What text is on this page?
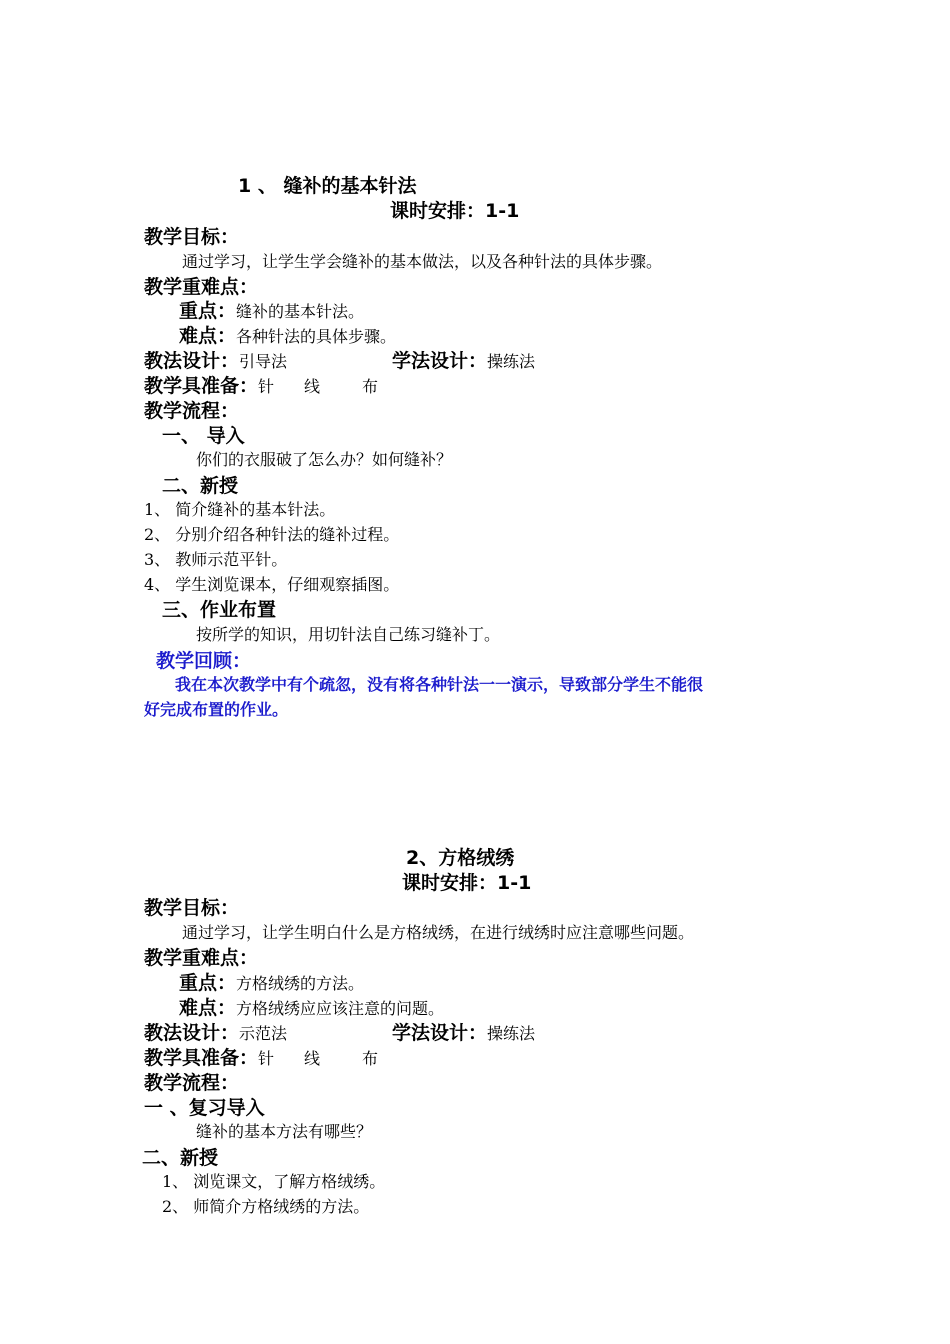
1 、 缝补的基本针法
课时安排：1-1
教学目标：
通过学习，让学生学会缝补的基本做法，以及各种针法的具体步骤。
教学重难点：
重点：缝补的基本针法。
难点：各种针法的具体步骤。
教法设计：引导法	学法设计：操练法
教学具准备：针 线	布
教学流程：
一、 导入
你们的衣服破了怎么办？如何缝补？
二、新授
1、 简介缝补的基本针法。
2、 分别介绍各种针法的缝补过程。
3、 教师示范平针。
4、 学生浏览课本，仔细观察插图。
三、作业布置
按所学的知识，用切针法自己练习缝补丁。
教学回顾：
我在本次教学中有个疏忽，没有将各种针法一一演示，导致部分学生不能很
好完成布置的作业。
2、方格绒绣
课时安排：1-1
教学目标：
通过学习，让学生明白什么是方格绒绣，在进行绒绣时应注意哪些问题。
教学重难点：
重点：方格绒绣的方法。
难点：方格绒绣应应该注意的问题。
教法设计：示范法	学法设计：操练法
教学具准备：针 线	布
教学流程：
一 、复习导入
缝补的基本方法有哪些？
二、新授
1、 浏览课文，了解方格绒绣。
2、 师简介方格绒绣的方法。
